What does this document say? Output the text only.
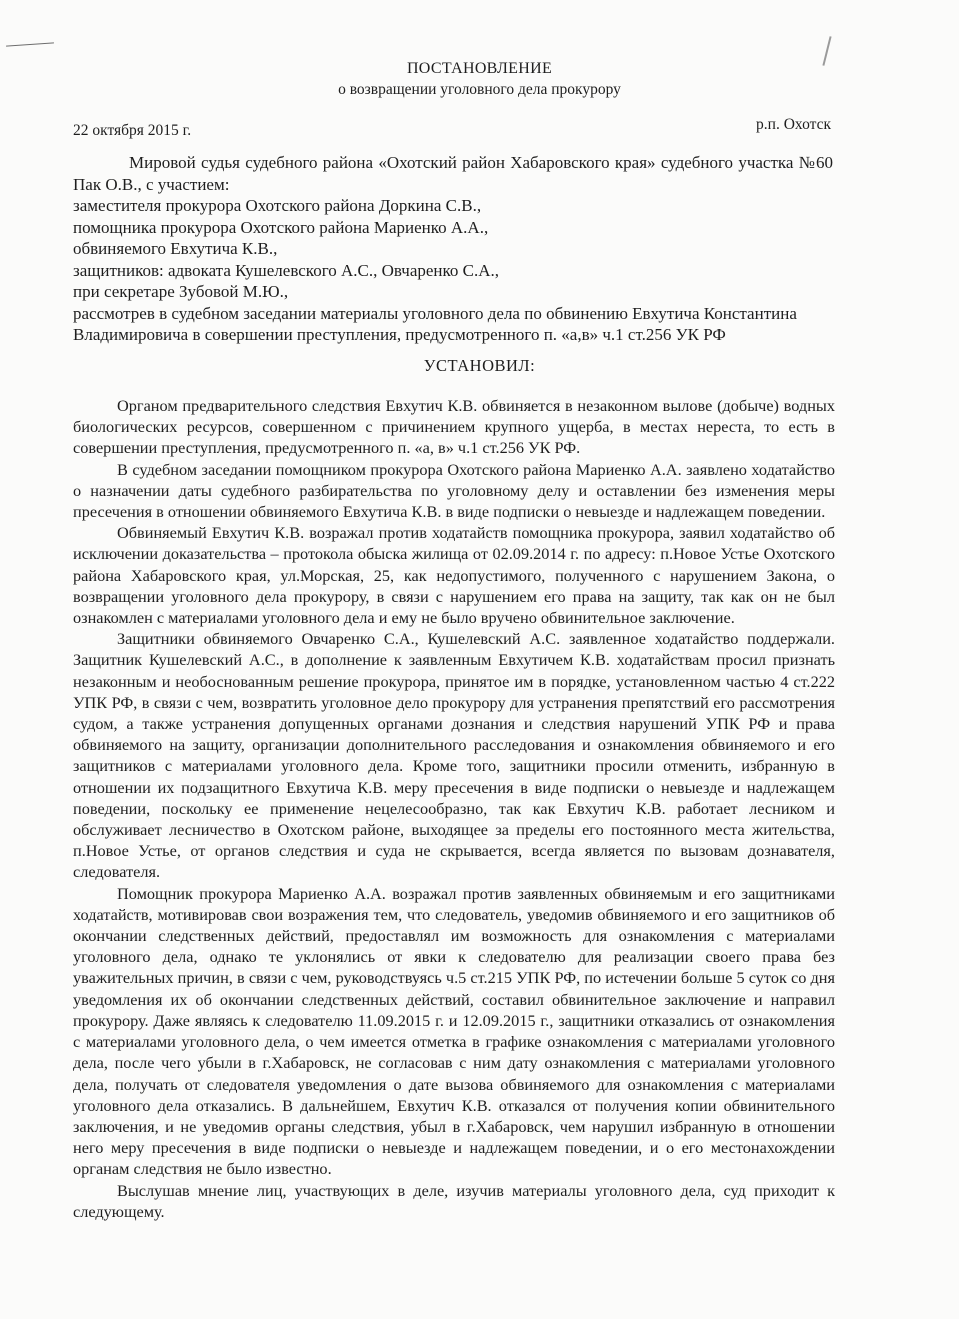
ПОСТАНОВЛЕНИЕ
о возвращении уголовного дела прокурору
22 октября 2015 г.	р.п. Охотск
Мировой судья судебного района «Охотский район Хабаровского края» судебного участка №60 Пак О.В., с участием:
заместителя прокурора Охотского района Доркина С.В.,
помощника прокурора Охотского района Мариенко А.А.,
обвиняемого Евхутича К.В.,
защитников: адвоката Кушелевского А.С., Овчаренко С.А.,
при секретаре Зубовой М.Ю.,
рассмотрев в судебном заседании материалы уголовного дела по обвинению Евхутича Константина
Владимировича в совершении преступления, предусмотренного п. «а,в» ч.1 ст.256 УК РФ
УСТАНОВИЛ:

Органом предварительного следствия Евхутич К.В. обвиняется в незаконном вылове (добыче) водных биологических ресурсов, совершенном с причинением крупного ущерба, в местах нереста, то есть в совершении преступления, предусмотренного п. «а, в» ч.1 ст.256 УК РФ.

В судебном заседании помощником прокурора Охотского района Мариенко А.А. заявлено ходатайство о назначении даты судебного разбирательства по уголовному делу и оставлении без изменения меры пресечения в отношении обвиняемого Евхутича К.В. в виде подписки о невыезде и надлежащем поведении.

Обвиняемый Евхутич К.В. возражал против ходатайств помощника прокурора, заявил ходатайство об исключении доказательства – протокола обыска жилища от 02.09.2014 г. по адресу: п.Новое Устье Охотского района Хабаровского края, ул.Морская, 25, как недопустимого, полученного с нарушением Закона, о возвращении уголовного дела прокурору, в связи с нарушением его права на защиту, так как он не был ознакомлен с материалами уголовного дела и ему не было вручено обвинительное заключение.

Защитники обвиняемого Овчаренко С.А., Кушелевский А.С. заявленное ходатайство поддержали. Защитник Кушелевский А.С., в дополнение к заявленным Евхутичем К.В. ходатайствам просил признать незаконным и необоснованным решение прокурора, принятое им в порядке, установленном частью 4 ст.222 УПК РФ, в связи с чем, возвратить уголовное дело прокурору для устранения препятствий его рассмотрения судом, а также устранения допущенных органами дознания и следствия нарушений УПК РФ и права обвиняемого на защиту, организации дополнительного расследования и ознакомления обвиняемого и его защитников с материалами уголовного дела. Кроме того, защитники просили отменить, избранную в отношении их подзащитного Евхутича К.В. меру пресечения в виде подписки о невыезде и надлежащем поведении, поскольку ее применение нецелесообразно, так как Евхутич К.В. работает лесником и обслуживает лесничество в Охотском районе, выходящее за пределы его постоянного места жительства, п.Новое Устье, от органов следствия и суда не скрывается, всегда является по вызовам дознавателя, следователя.

Помощник прокурора Мариенко А.А. возражал против заявленных обвиняемым и его защитниками ходатайств, мотивировав свои возражения тем, что следователь, уведомив обвиняемого и его защитников об окончании следственных действий, предоставлял им возможность для ознакомления с материалами уголовного дела, однако те уклонялись от явки к следователю для реализации своего права без уважительных причин, в связи с чем, руководствуясь ч.5 ст.215 УПК РФ, по истечении больше 5 суток со дня уведомления их об окончании следственных действий, составил обвинительное заключение и направил прокурору. Даже являясь к следователю 11.09.2015 г. и 12.09.2015 г., защитники отказались от ознакомления с материалами уголовного дела, о чем имеется отметка в графике ознакомления с материалами уголовного дела, после чего убыли в г.Хабаровск, не согласовав с ним дату ознакомления с материалами уголовного дела, получать от следователя уведомления о дате вызова обвиняемого для ознакомления с материалами уголовного дела отказались. В дальнейшем, Евхутич К.В. отказался от получения копии обвинительного заключения, и не уведомив органы следствия, убыл в г.Хабаровск, чем нарушил избранную в отношении него меру пресечения в виде подписки о невыезде и надлежащем поведении, и о его местонахождении органам следствия не было известно.

Выслушав мнение лиц, участвующих в деле, изучив материалы уголовного дела, суд приходит к следующему.
